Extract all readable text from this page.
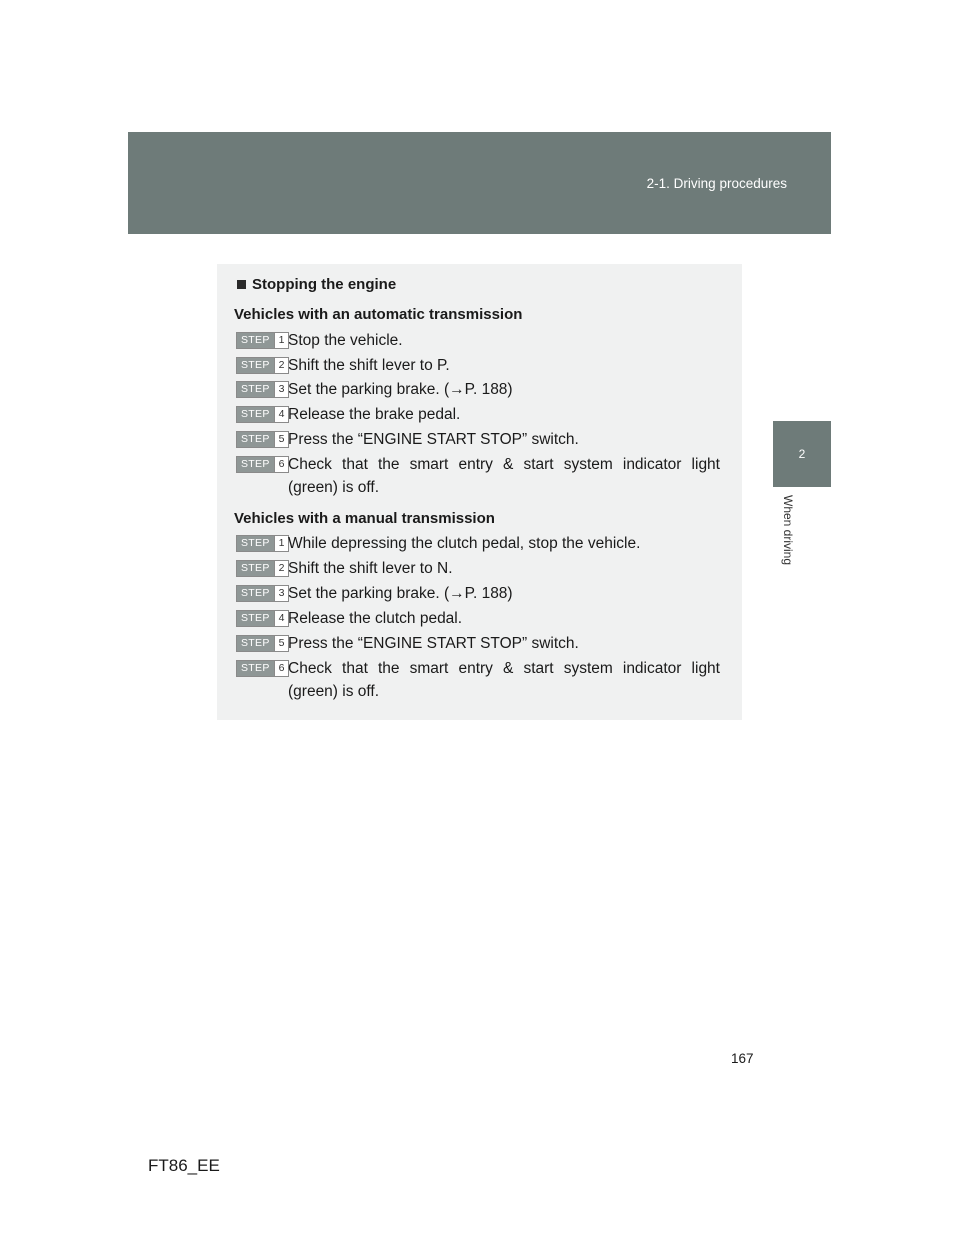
2-1. Driving procedures
2
When driving
Stopping the engine
Vehicles with an automatic transmission
STEP 1 Stop the vehicle.
STEP 2 Shift the shift lever to P.
STEP 3 Set the parking brake. (→P. 188)
STEP 4 Release the brake pedal.
STEP 5 Press the “ENGINE START STOP” switch.
STEP 6 Check that the smart entry & start system indicator light (green) is off.
Vehicles with a manual transmission
STEP 1 While depressing the clutch pedal, stop the vehicle.
STEP 2 Shift the shift lever to N.
STEP 3 Set the parking brake. (→P. 188)
STEP 4 Release the clutch pedal.
STEP 5 Press the “ENGINE START STOP” switch.
STEP 6 Check that the smart entry & start system indicator light (green) is off.
167
FT86_EE
